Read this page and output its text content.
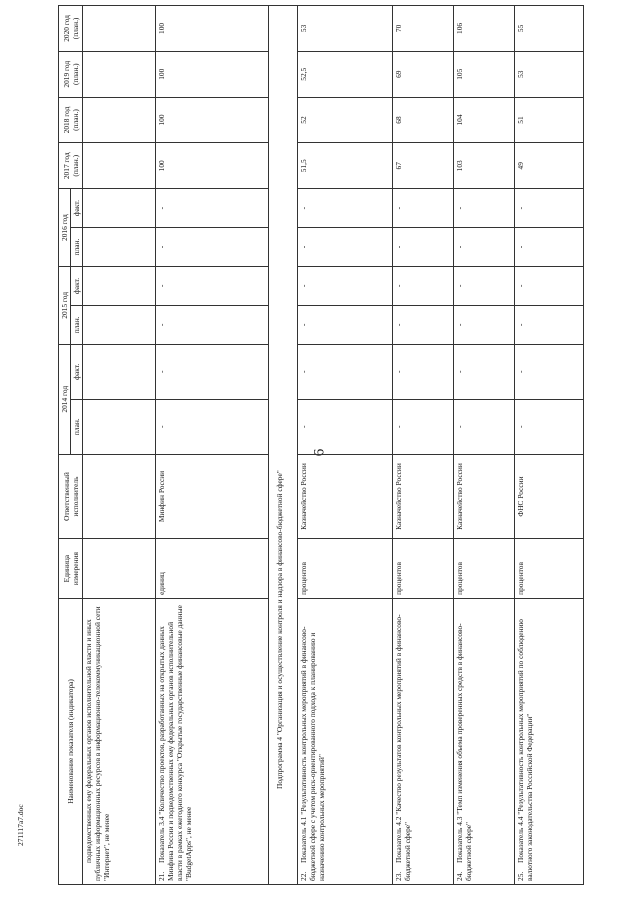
6
271117a7.doc
Наименование показателя (индикатора)	Единица измерения	Ответственный исполнитель	2014 год		2015 год		2016 год		2017 год (план.)	2018 год (план.)	2019 год (план.)	2020 год (план.)
			план.	факт.	план.	факт.	план.	факт.				
подведомственных ему федеральных органов исполнительной власти и иных публичных информационных ресурсов в информационно-телекоммуникационной сети "Интернет", не менее												
21.Показатель 3.4 "Количество проектов, разработанных на открытых данных Минфина России и подведомственных ему федеральных органов исполнительной власти в рамках ежегодного конкурса "Открытые государственные финансовые данные "BudgetApps", не менее	единиц	Минфин России	-	-	-	-	-	-	100	100	100	100
Подпрограмма 4 "Организация и осуществление контроля и надзора в финансово-бюджетной сфере"												
22.Показатель 4.1 "Результативность контрольных мероприятий в финансово-бюджетной сфере с учетом риск-ориентированного подхода к планированию и назначению контрольных мероприятий"	процентов	Казначейство России	-	-	-	-	-	-	51,5	52	52,5	53
23.Показатель 4.2 "Качество результатов контрольных мероприятий в финансово-бюджетной сфере"	процентов	Казначейство России	-	-	-	-	-	-	67	68	69	70
24.Показатель 4.3 "Темп изменения объема проверенных средств в финансово-бюджетной сфере"	процентов	Казначейство России	-	-	-	-	-	-	103	104	105	106
25.Показатель 4.4 "Результативность контрольных мероприятий по соблюдению валютного законодательства Российской Федерации"	процентов	ФНС России	-	-	-	-	-	-	49	51	53	55
